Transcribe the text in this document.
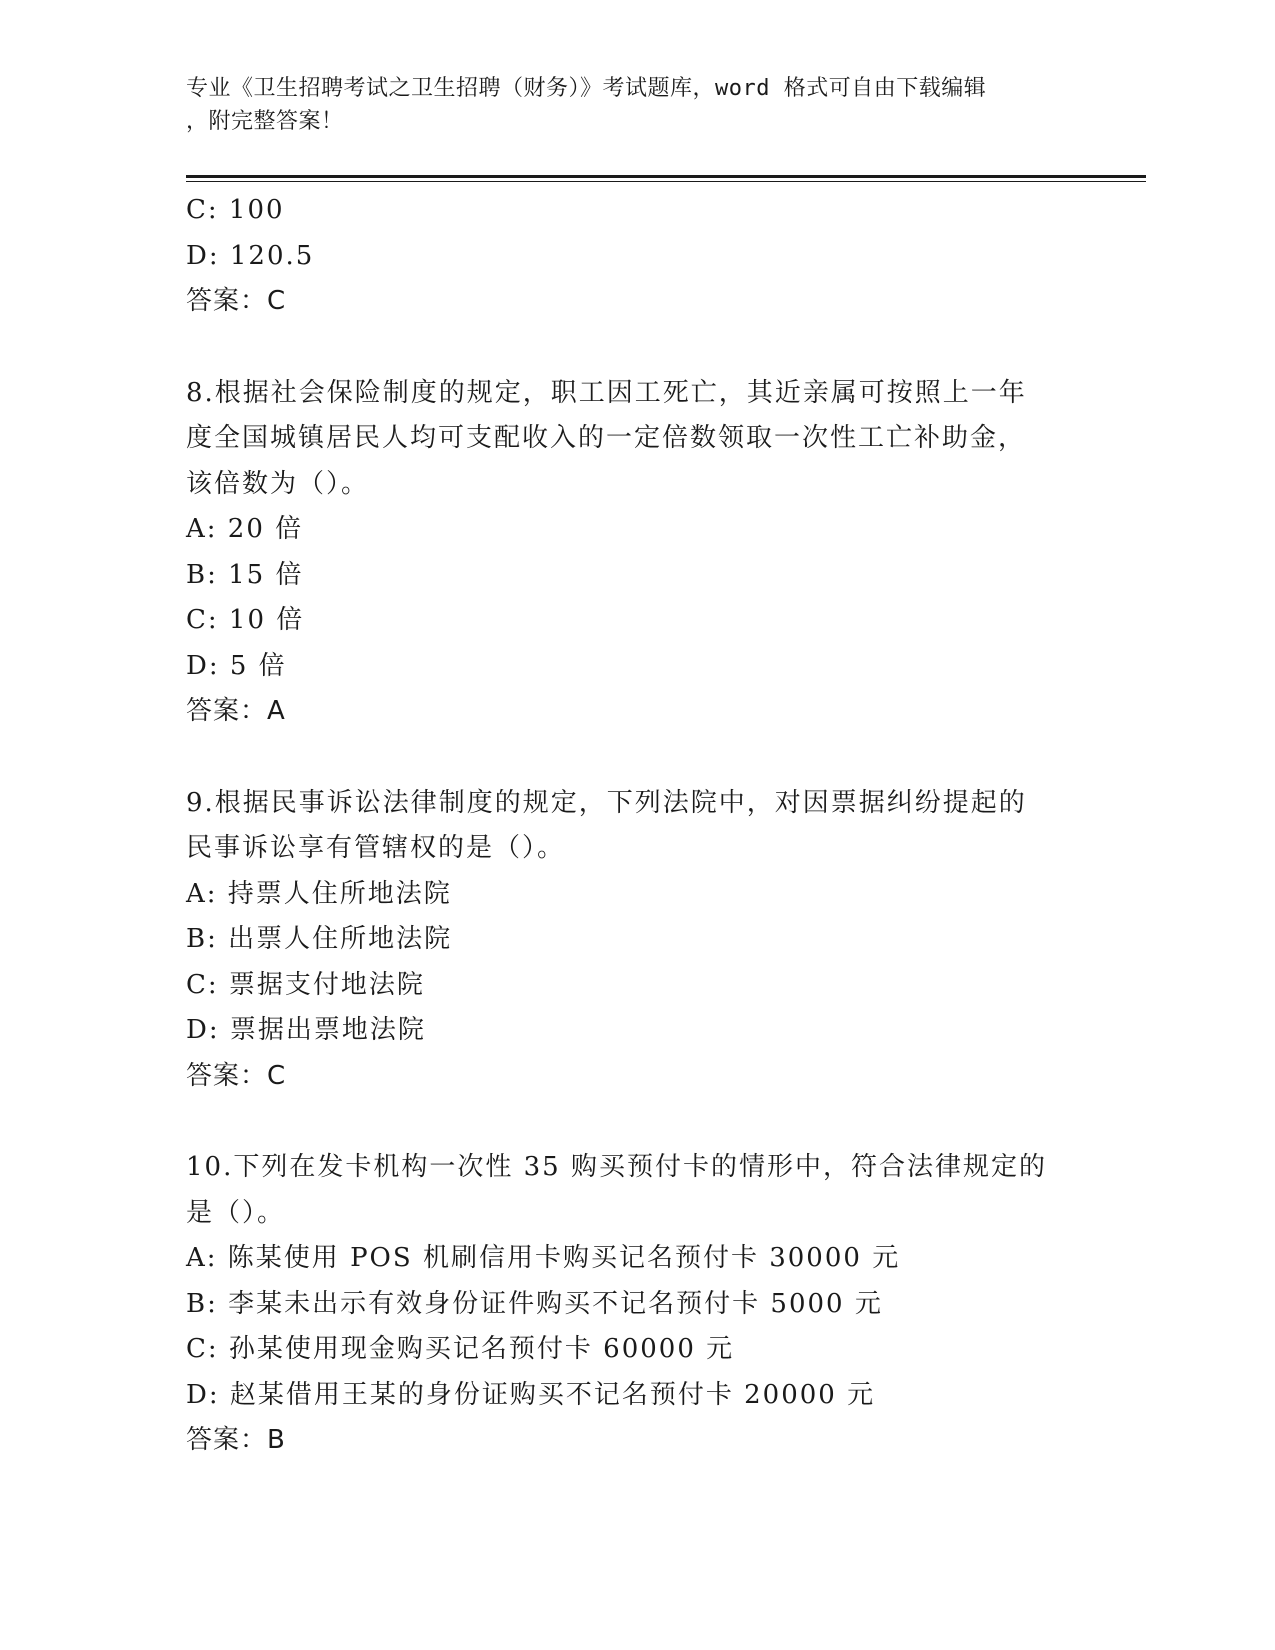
专业《卫生招聘考试之卫生招聘（财务）》考试题库，word 格式可自由下载编辑
，附完整答案！
C: 100
D: 120.5
答案：C
8.根据社会保险制度的规定，职工因工死亡，其近亲属可按照上一年
度全国城镇居民人均可支配收入的一定倍数领取一次性工亡补助金，
该倍数为（）。
A: 20 倍
B: 15 倍
C: 10 倍
D: 5 倍
答案：A
9.根据民事诉讼法律制度的规定，下列法院中，对因票据纠纷提起的
民事诉讼享有管辖权的是（）。
A: 持票人住所地法院
B: 出票人住所地法院
C: 票据支付地法院
D: 票据出票地法院
答案：C
10.下列在发卡机构一次性 35 购买预付卡的情形中，符合法律规定的
是（）。
A: 陈某使用 POS 机刷信用卡购买记名预付卡 30000 元
B: 李某未出示有效身份证件购买不记名预付卡 5000 元
C: 孙某使用现金购买记名预付卡 60000 元
D: 赵某借用王某的身份证购买不记名预付卡 20000 元
答案：B
